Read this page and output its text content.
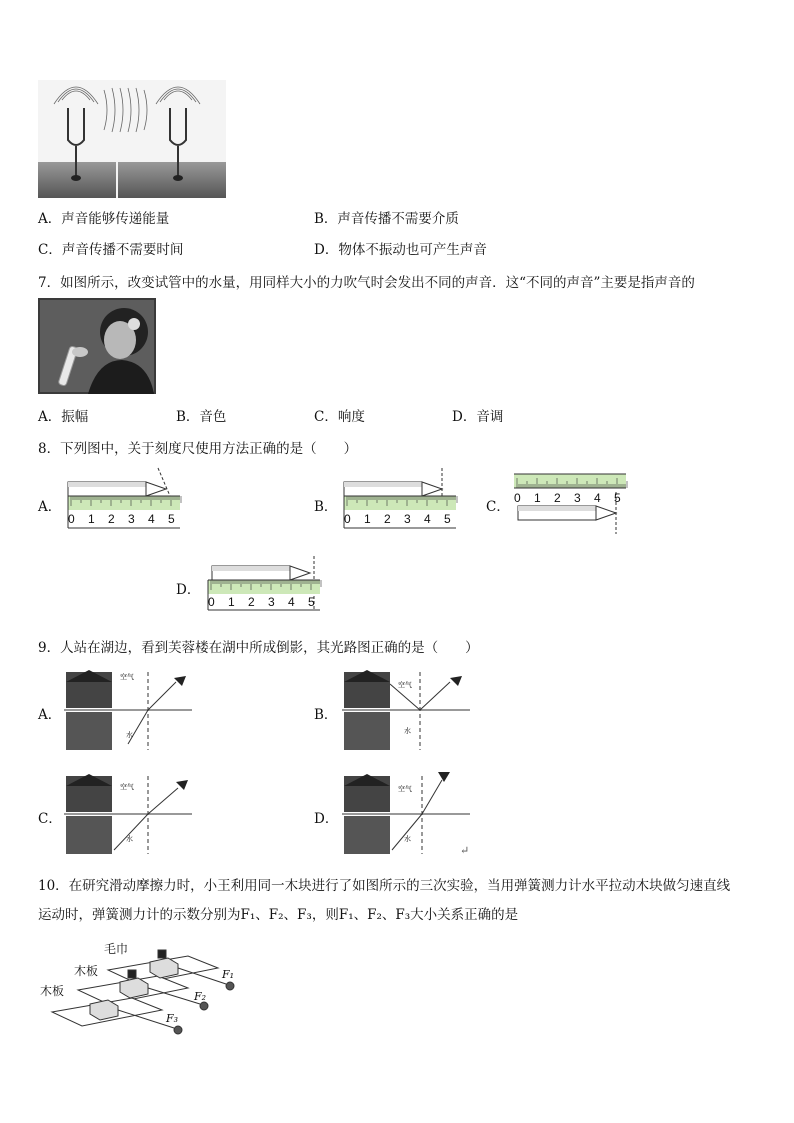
A．声音能够传递能量	B．声音传播不需要介质
C．声音传播不需要时间	D．物体不振动也可产生声音
7．如图所示，改变试管中的水量，用同样大小的力吹气时会发出不同的声音．这“不同的声音”主要是指声音的
A．振幅	B．音色	C．响度	D．音调
8．下列图中，关于刻度尺使用方法正确的是（　　）
A．
0 1 2 3 4 5
B．
0 1 2 3 4 5
C．
0 1 2 3 4 5
D．
0 1 2 3 4 5
9．人站在湖边，看到芙蓉楼在湖中所成倒影，其光路图正确的是（　　）
A．
空气
水
B．
空气
水
C．
空气
水
D．
空气
水
↵
10．在研究滑动摩擦力时，小王利用同一木块进行了如图所示的三次实验，当用弹簧测力计水平拉动木块做匀速直线
运动时，弹簧测力计的示数分别为F₁、F₂、F₃，则F₁、F₂、F₃大小关系正确的是
毛巾
木板
木板
F₁
F₂
F₃
